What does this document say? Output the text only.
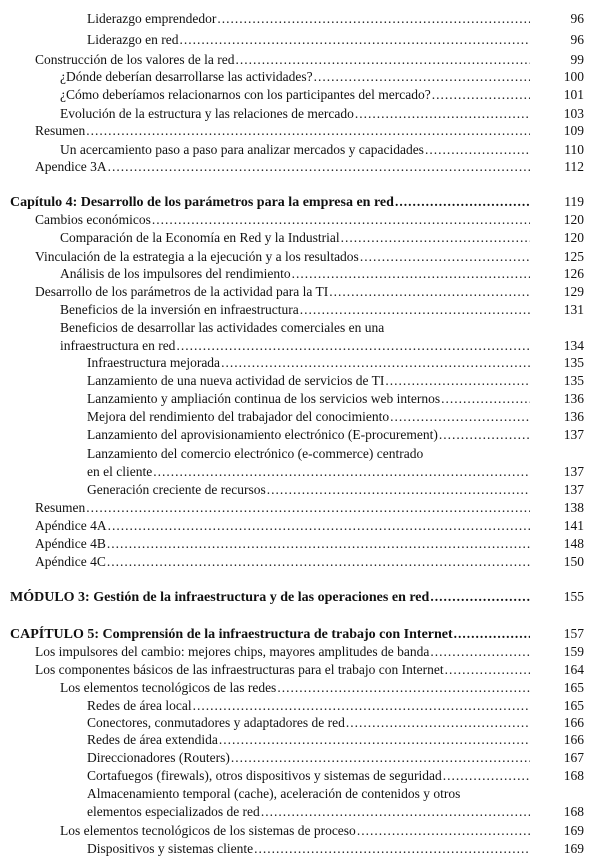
Liderazgo emprendedor .....	96
Liderazgo en red .....	96
Construcción de los valores de la red .....	99
¿Dónde deberían desarrollarse las actividades? .....	100
¿Cómo deberíamos relacionarnos con los participantes del mercado? .....	101
Evolución de la estructura y las relaciones de mercado .....	103
Resumen .....	109
Un acercamiento paso a paso para analizar mercados y capacidades .....	110
Apendice 3A .....	112
Capítulo 4: Desarrollo de los parámetros para la empresa en red .....	119
Cambios económicos .....	120
Comparación de la Economía en Red y la Industrial .....	120
Vinculación de la estrategia a la ejecución y a los resultados .....	125
Análisis de los impulsores del rendimiento .....	126
Desarrollo de los parámetros de la actividad para la TI .....	129
Beneficios de la inversión en infraestructura .....	131
Beneficios de desarrollar las actividades comerciales en una
infraestructura en red .....	134
Infraestructura mejorada .....	135
Lanzamiento de una nueva actividad de servicios de TI .....	135
Lanzamiento y ampliación continua de los servicios web internos .....	136
Mejora del rendimiento del trabajador del conocimiento .....	136
Lanzamiento del aprovisionamiento electrónico (E-procurement) .....	137
Lanzamiento del comercio electrónico (e-commerce) centrado
en el cliente .....	137
Generación creciente de recursos .....	137
Resumen .....	138
Apéndice 4A .....	141
Apéndice 4B .....	148
Apéndice 4C .....	150
MÓDULO 3: Gestión de la infraestructura y de las operaciones en red .....	155
CAPÍTULO 5: Comprensión de la infraestructura de trabajo con Internet .....	157
Los impulsores del cambio: mejores chips, mayores amplitudes de banda .....	159
Los componentes básicos de las infraestructuras para el trabajo con Internet .....	164
Los elementos tecnológicos de las redes .....	165
Redes de área local .....	165
Conectores, conmutadores y adaptadores de red .....	166
Redes de área extendida .....	166
Direccionadores (Routers) .....	167
Cortafuegos (firewals), otros dispositivos y sistemas de seguridad .....	168
Almacenamiento temporal (cache), aceleración de contenidos y otros
elementos especializados de red .....	168
Los elementos tecnológicos de los sistemas de proceso .....	169
Dispositivos y sistemas cliente .....	169
